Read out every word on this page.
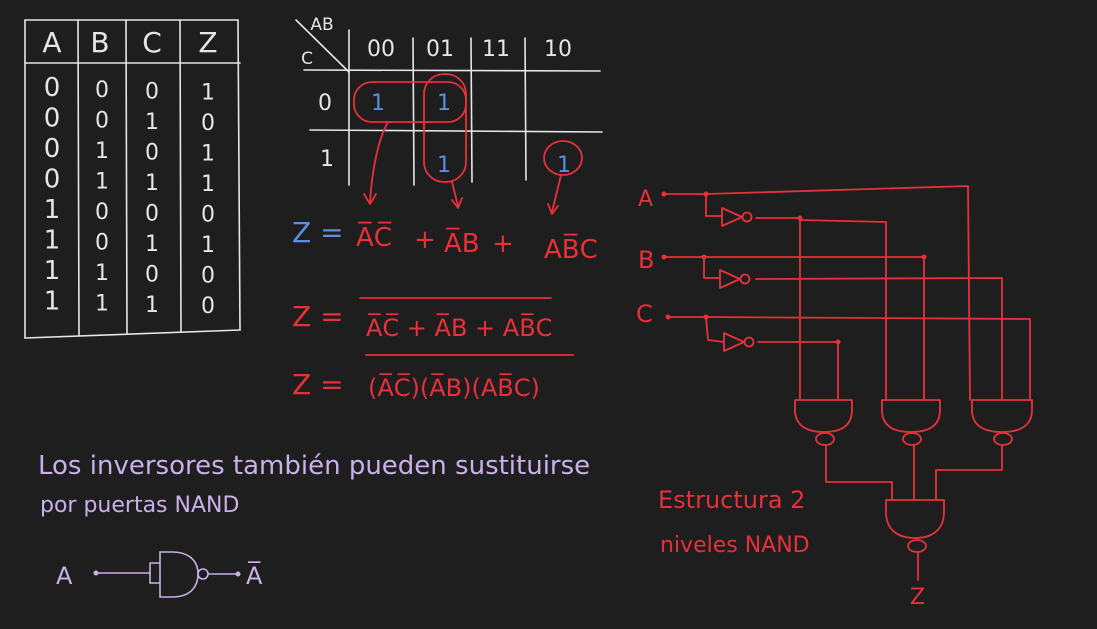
A B C Z
0 0 0 1
0 0 1 0
0 1 0 1
0 1 1 1
1 0 0 0
1 0 1 1
1 1 0 0
1 1 1 0
AB
C 00 01 11 10
0
1
1 1
1	1
Z = A̅C̅ + A̅B + AB̅C
Z = A̅C̅ + A̅B + AB̅C
Z = (A̅C̅)(A̅B)(AB̅C)
Los inversores también pueden sustituirse
por puertas NAND
A	A̅
A
B
C
Z
Estructura 2
niveles NAND
